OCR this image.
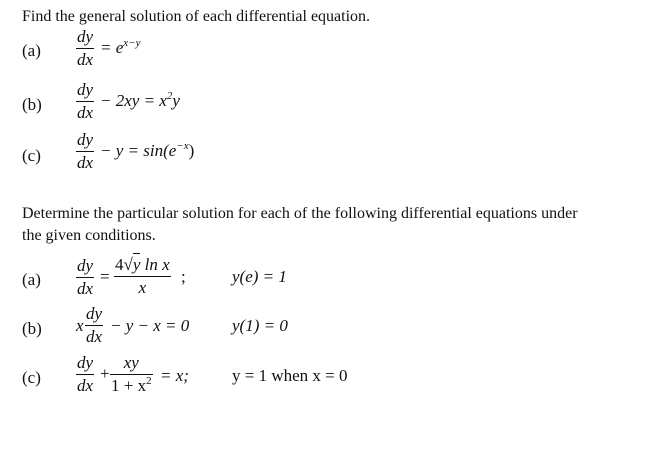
Find the general solution of each differential equation.
(a)
dy
dx
= $e^{x-y}$
(b)
dy
dx
− $2xy = x^2y$
(c)
dy
dx
− $y = \sin(e^{-x})$
Determine the particular solution for each of the following differential equations under
the given conditions.
(a)
dy
dx
=
4√y ln x
x
;	y(e) = 1
(b) x
dy
dx
− y − x = 0	y(1) = 0
(c)
dy
dx
+
xy
$1 + x^2 = x$;	y = 1 when x = 0
